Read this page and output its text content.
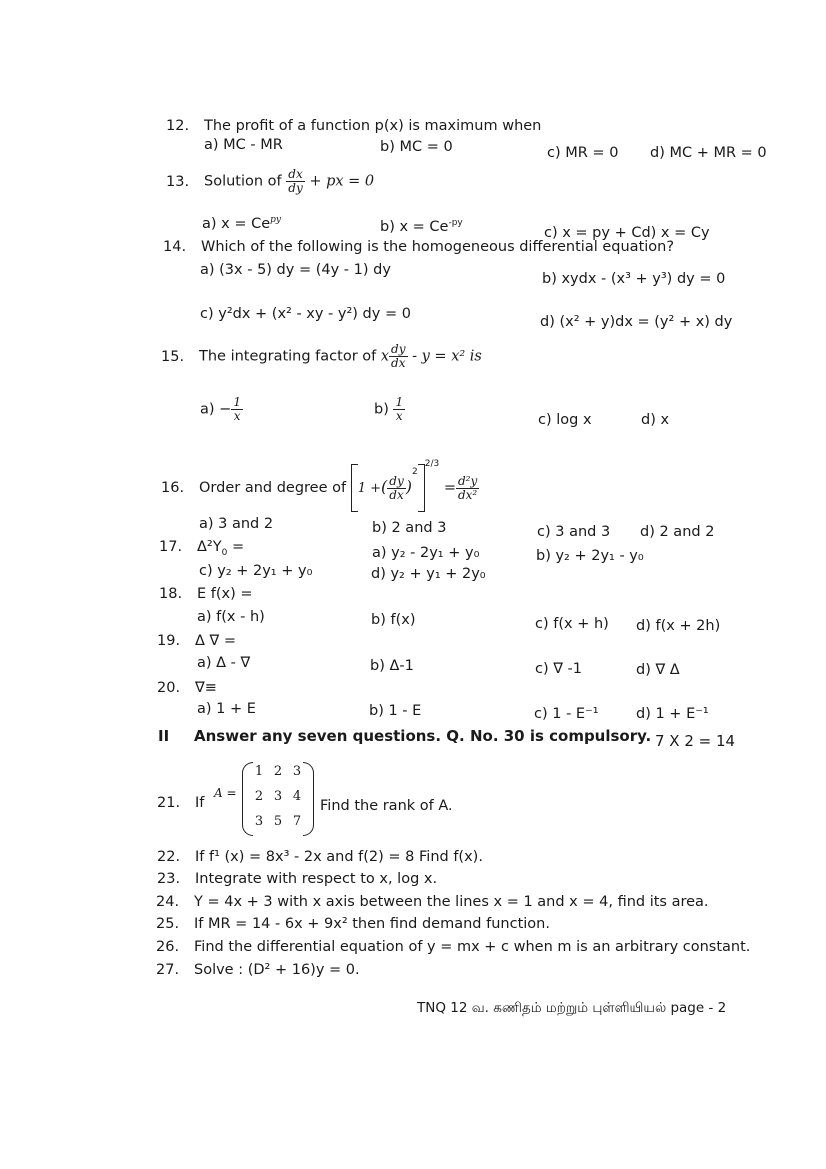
12. The profit of a function p(x) is maximum when
a) MC - MR	b) MC = 0	c) MR = 0 d) MC + MR = 0
13. Solution of $\frac{dx}{dy}$ + px = 0
a) $x = Ce^{py}$	b) $x = Ce^{-py}$
c) x = py + Cd) x = Cy
14. Which of the following is the homogeneous differential equation?
a) (3x - 5) dy = (4y - 1) dy
b) xydx - (x³ + y³) dy = 0
c) y²dx + (x² - xy - y²) dy = 0	d) (x² + y)dx = (y² + x) dy
15. The integrating factor of x $\frac{dy}{dx} - y = x^2$ is
$a) - \frac{1}{x}$	$b) \frac{1}{x}$	c) log x	d) x
16. Order and degree of 1 +( $\frac{dy}{dx} )^{22/3} = \frac{\text{d²y}}{\text{dx²}}$
a) 3 and 2	b) 2 and 3	c) 3 and 3 d) 2 and 2
17. $\Delta^2Y_0$ =	a) y₂ - 2y₁ + y₀	b) y₂ + 2y₁ - y₀
c) y₂ + 2y₁ + y₀	d) y₂ + y₁ + 2y₀
18. E f(x) =
a) f(x - h)	b) f(x)	c) f(x + h) d) f(x + 2h)
19. Δ ∇ =
a) Δ - ∇	b) Δ-1	c) ∇ -1	d) ∇ Δ
20. ∇≡
a) 1 + E	b) 1 - E	c) 1 - E⁻¹	d) 1 + E⁻¹
II Answer any seven questions. Q. No. 30 is compulsory. 7 X 2 = 14
21. If
A =
1 2 3
2 3 4
3 5 7
Find the rank of A.
22. If f¹ (x) = 8x³ - 2x and f(2) = 8 Find f(x).
23. Integrate with respect to x, log x.
24. Y = 4x + 3 with x axis between the lines x = 1 and x = 4, find its area.
25. If MR = 14 - 6x + 9x² then find demand function.
26. Find the differential equation of y = mx + c when m is an arbitrary constant.
27. Solve : (D² + 16)y = 0.
TNQ 12 வ. கணிதம் மற்றும் புள்ளியியல் page - 2
